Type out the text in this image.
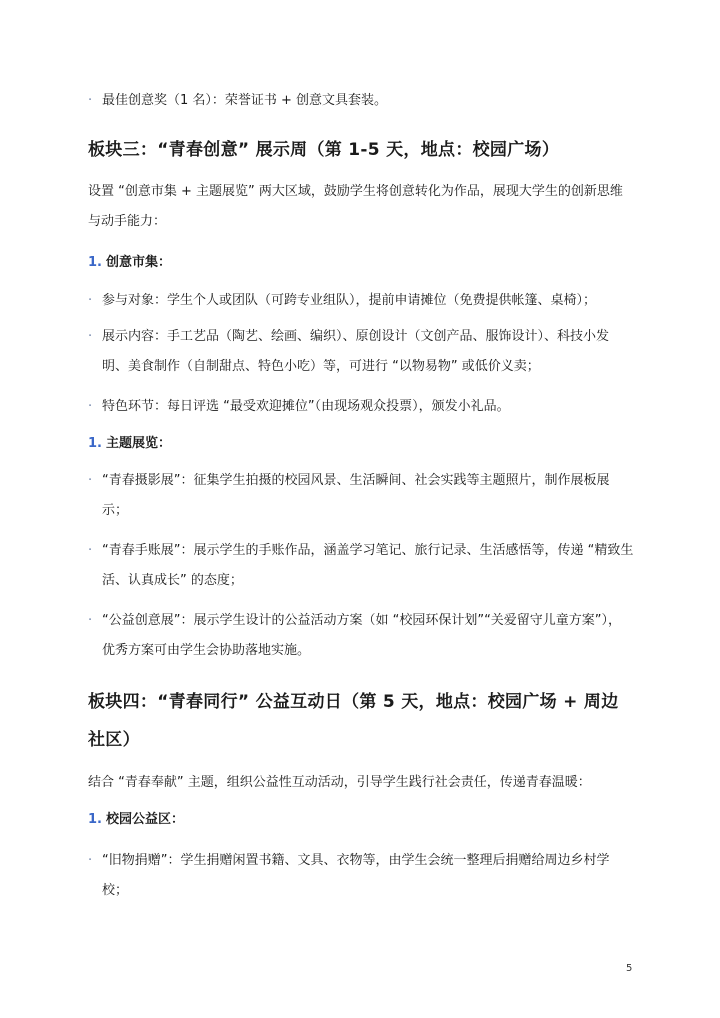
· 最佳创意奖（1 名）：荣誉证书 + 创意文具套装。
板块三：“青春创意” 展示周（第 1-5 天，地点：校园广场）
设置 “创意市集 + 主题展览” 两大区域，鼓励学生将创意转化为作品，展现大学生的创新思维与动手能力：
1. 创意市集：
· 参与对象：学生个人或团队（可跨专业组队），提前申请摊位（免费提供帐篷、桌椅）；
· 展示内容：手工艺品（陶艺、绘画、编织）、原创设计（文创产品、服饰设计）、科技小发明、美食制作（自制甜点、特色小吃）等，可进行 “以物易物” 或低价义卖；
· 特色环节：每日评选 “最受欢迎摊位”（由现场观众投票），颁发小礼品。
1. 主题展览：
· “青春摄影展”：征集学生拍摄的校园风景、生活瞬间、社会实践等主题照片，制作展板展示；
· “青春手账展”：展示学生的手账作品，涵盖学习笔记、旅行记录、生活感悟等，传递 “精致生活、认真成长” 的态度；
· “公益创意展”：展示学生设计的公益活动方案（如 “校园环保计划”“关爱留守儿童方案”），优秀方案可由学生会协助落地实施。
板块四：“青春同行” 公益互动日（第 5 天，地点：校园广场 + 周边社区）
结合 “青春奉献” 主题，组织公益性互动活动，引导学生践行社会责任，传递青春温暖：
1. 校园公益区：
· “旧物捐赠”：学生捐赠闲置书籍、文具、衣物等，由学生会统一整理后捐赠给周边乡村学校；
5
